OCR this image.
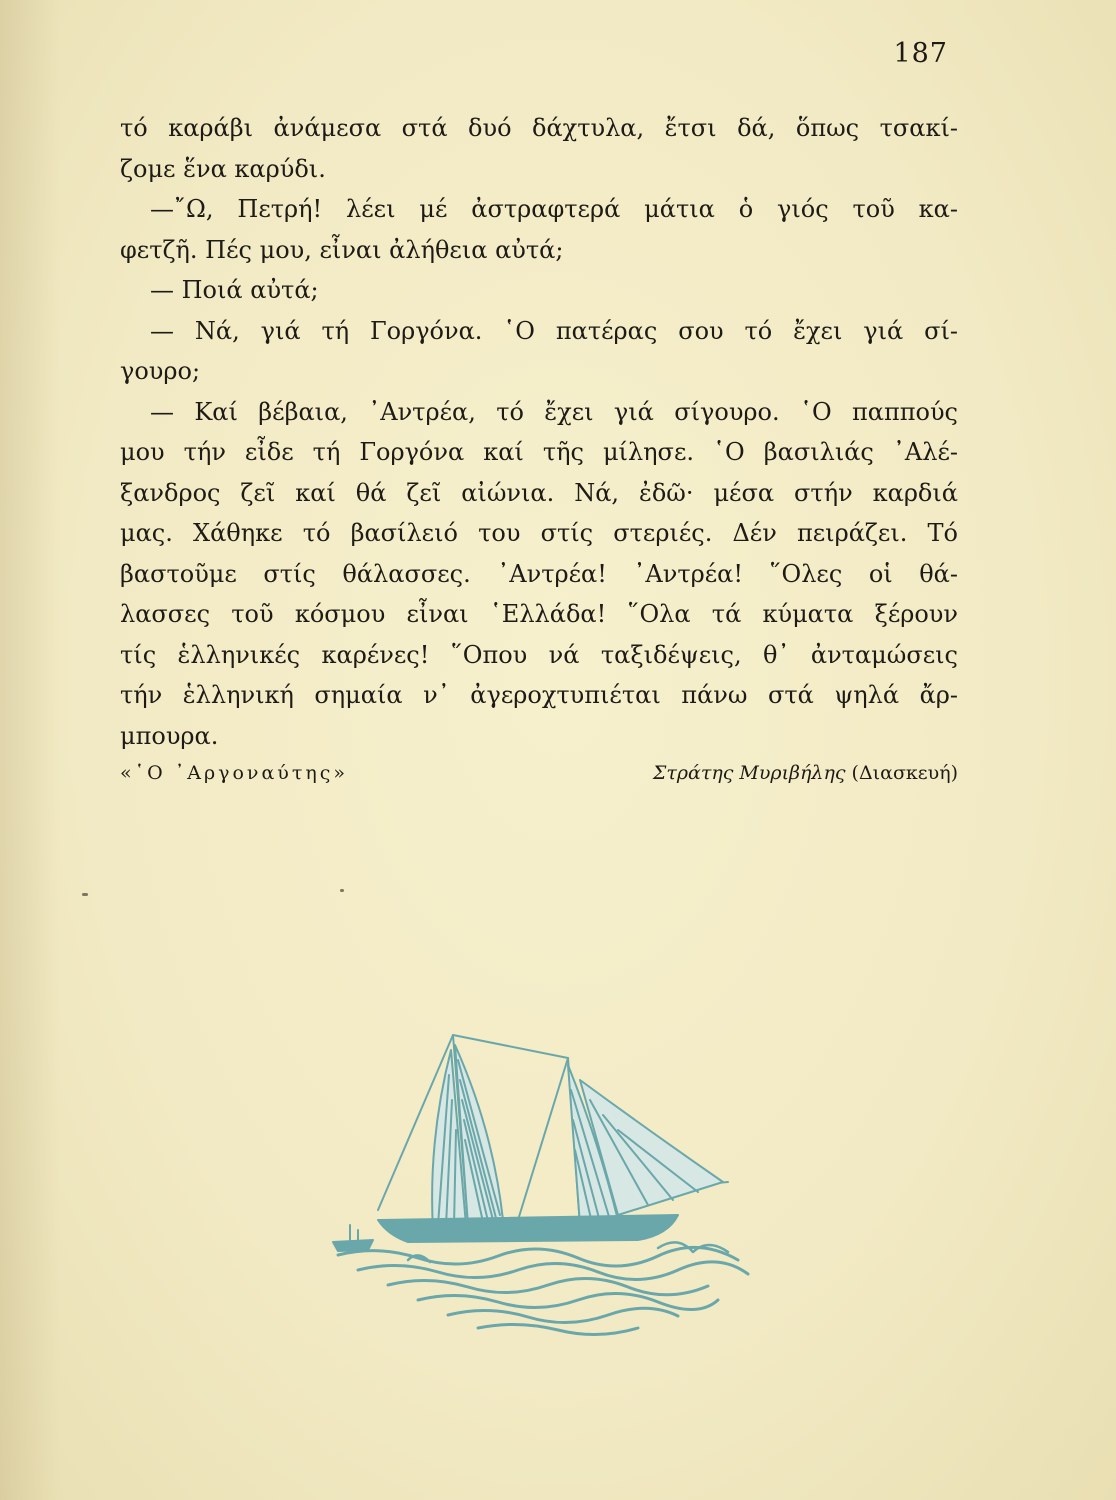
187
τό καράβι ἀνάμεσα στά δυό δάχτυλα, ἔτσι δά, ὅπως τσακί-
ζομε ἕνα καρύδι.
—῎Ω, Πετρή! λέει μέ ἀστραφτερά μάτια ὁ γιός τοῦ κα-
φετζῆ. Πές μου, εἶναι ἀλήθεια αὐτά;
— Ποιά αὐτά;
— Νά, γιά τή Γοργόνα. ῾Ο πατέρας σου τό ἔχει γιά σί-
γουρο;
— Καί βέβαια, ᾿Αντρέα, τό ἔχει γιά σίγουρο. ῾Ο παππούς
μου τήν εἶδε τή Γοργόνα καί τῆς μίλησε. ῾Ο βασιλιάς ᾿Αλέ-
ξανδρος ζεῖ καί θά ζεῖ αἰώνια. Νά, ἐδῶ· μέσα στήν καρδιά
μας. Χάθηκε τό βασίλειό του στίς στεριές. Δέν πειράζει. Τό
βαστοῦμε στίς θάλασσες. ᾿Αντρέα! ᾿Αντρέα! ῞Ολες οἱ θά-
λασσες τοῦ κόσμου εἶναι ῾Ελλάδα! ῞Ολα τά κύματα ξέρουν
τίς ἑλληνικές καρένες! ῞Οπου νά ταξιδέψεις, θ᾿ ἀνταμώσεις
τήν ἑλληνική σημαία ν᾿ ἀγεροχτυπιέται πάνω στά ψηλά ἄρ-
μπουρα.
«῾Ο ᾿Αργοναύτης»	Στράτης Μυριβήλης (Διασκευή)
